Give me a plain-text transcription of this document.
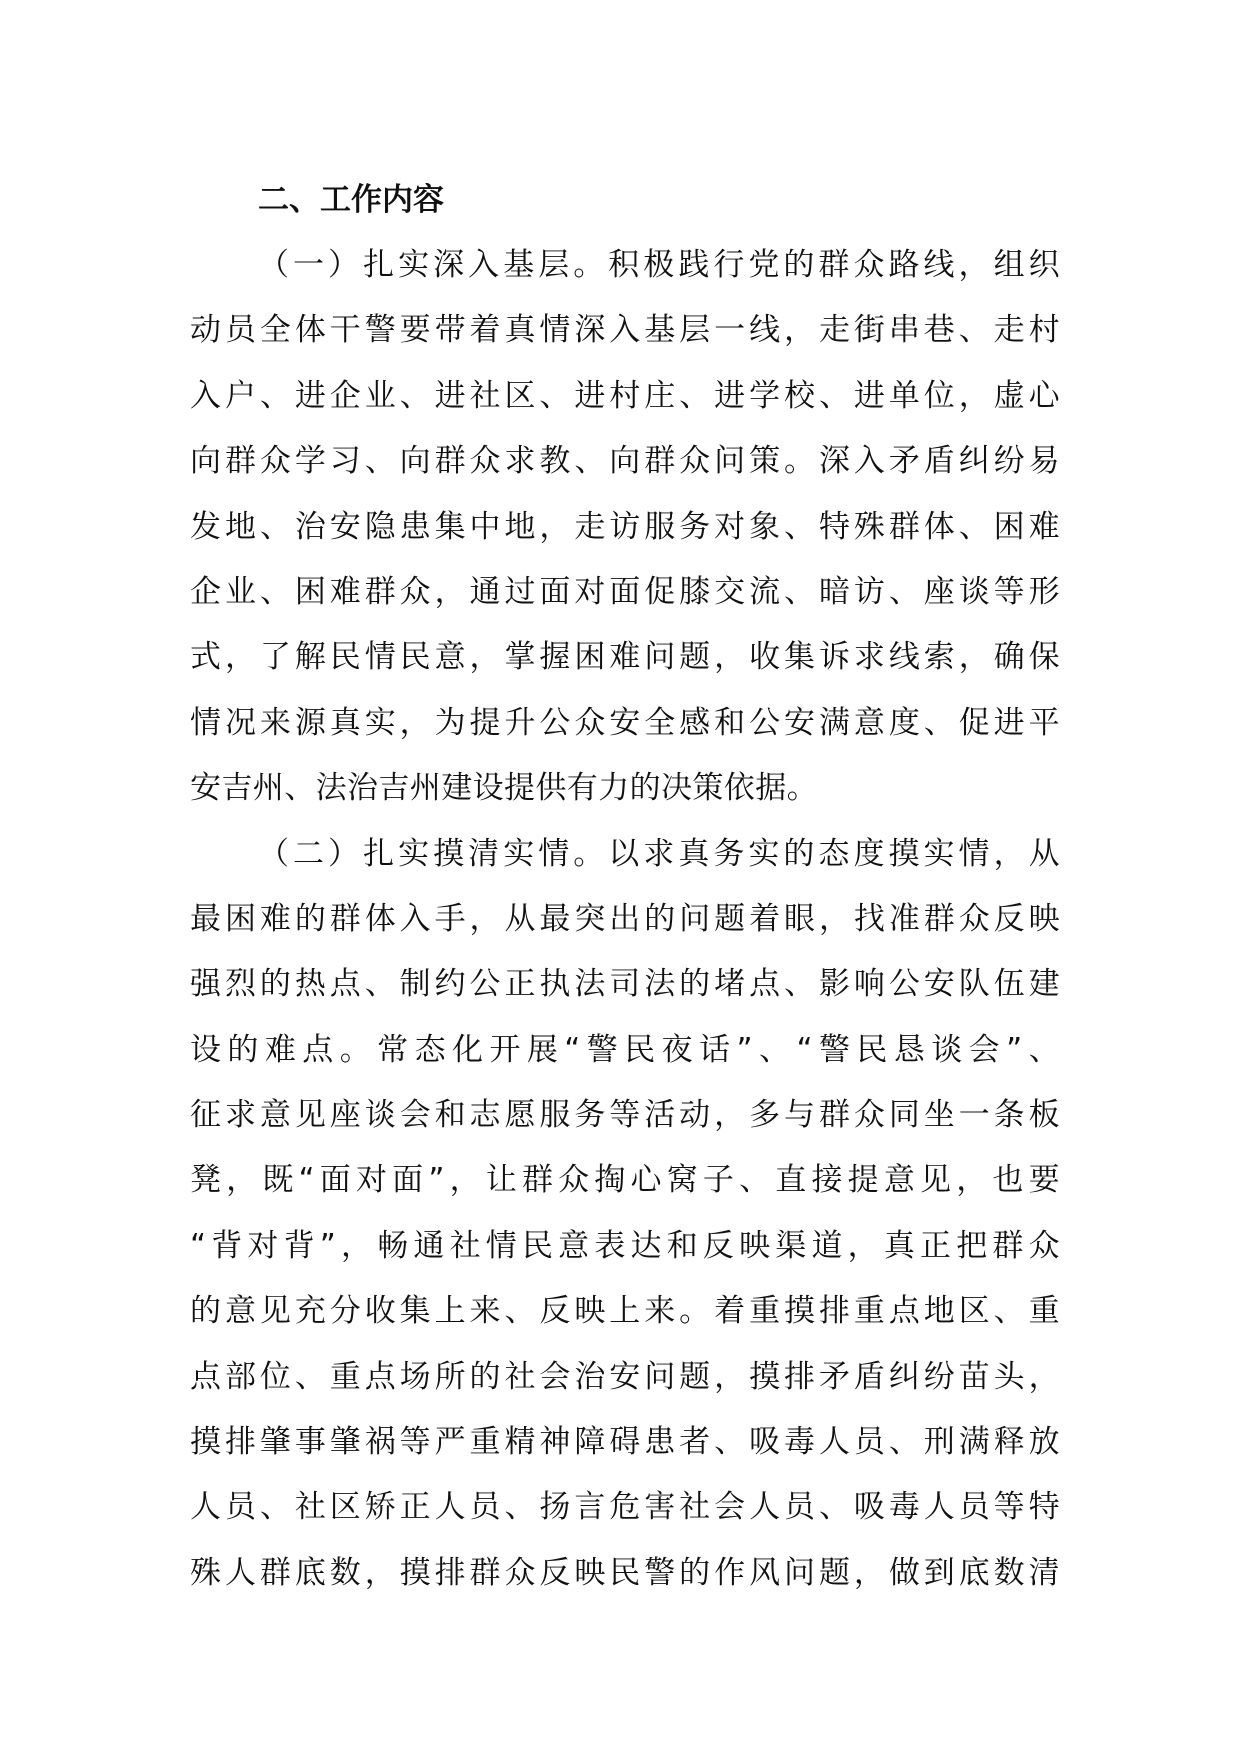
二、工作内容
（一）扎实深入基层。积极践行党的群众路线，组织
动员全体干警要带着真情深入基层一线，走街串巷、走村
入户、进企业、进社区、进村庄、进学校、进单位，虚心
向群众学习、向群众求教、向群众问策。深入矛盾纠纷易
发地、治安隐患集中地，走访服务对象、特殊群体、困难
企业、困难群众，通过面对面促膝交流、暗访、座谈等形
式，了解民情民意，掌握困难问题，收集诉求线索，确保
情况来源真实，为提升公众安全感和公安满意度、促进平
安吉州、法治吉州建设提供有力的决策依据。
（二）扎实摸清实情。以求真务实的态度摸实情，从
最困难的群体入手，从最突出的问题着眼，找准群众反映
强烈的热点、制约公正执法司法的堵点、影响公安队伍建
设的难点。常态化开展“警民夜话”、“警民恳谈会”、
征求意见座谈会和志愿服务等活动，多与群众同坐一条板
凳，既“面对面”，让群众掏心窝子、直接提意见，也要
“背对背”，畅通社情民意表达和反映渠道，真正把群众
的意见充分收集上来、反映上来。着重摸排重点地区、重
点部位、重点场所的社会治安问题，摸排矛盾纠纷苗头，
摸排肇事肇祸等严重精神障碍患者、吸毒人员、刑满释放
人员、社区矫正人员、扬言危害社会人员、吸毒人员等特
殊人群底数，摸排群众反映民警的作风问题，做到底数清
